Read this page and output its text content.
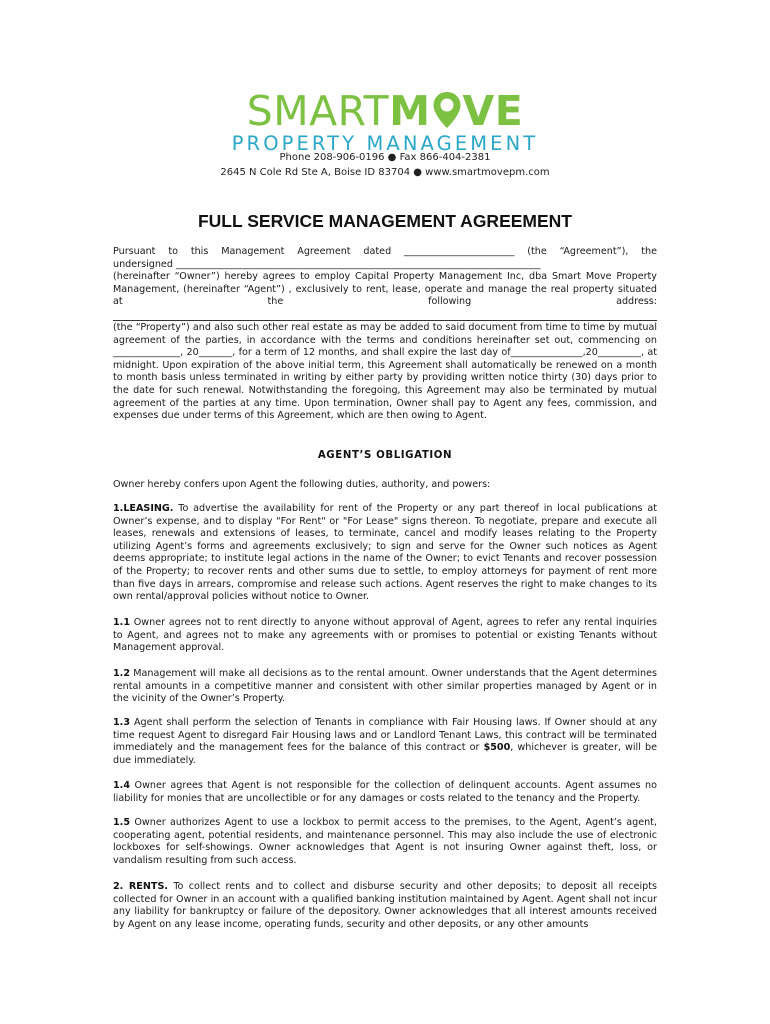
SMARTM VE
PROPERTY MANAGEMENT
Phone 208-906-0196 ● Fax 866-404-2381
2645 N Cole Rd Ste A, Boise ID 83704 ● www.smartmovepm.com
FULL SERVICE MANAGEMENT AGREEMENT

Pursuant to this Management Agreement dated _______________________ (the “Agreement”), the

undersigned ____________________________________________________________________________

(hereinafter “Owner”) hereby agrees to employ Capital Property Management Inc, dba Smart Move Property Management, (hereinafter “Agent”) , exclusively to rent, lease, operate and manage the real property situated at the following address:

(the “Property”) and also such other real estate as may be added to said document from time to time by mutual agreement of the parties, in accordance with the terms and conditions hereinafter set out, commencing on ______________, 20_______, for a term of 12 months, and shall expire the last day of_______________,20_________, at midnight. Upon expiration of the above initial term, this Agreement shall automatically be renewed on a month to month basis unless terminated in writing by either party by providing written notice thirty (30) days prior to the date for such renewal. Notwithstanding the foregoing, this Agreement may also be terminated by mutual agreement of the parties at any time. Upon termination, Owner shall pay to Agent any fees, commission, and expenses due under terms of this Agreement, which are then owing to Agent.

AGENT’S OBLIGATION

Owner hereby confers upon Agent the following duties, authority, and powers:

1.LEASING. To advertise the availability for rent of the Property or any part thereof in local publications at Owner’s expense, and to display "For Rent" or "For Lease" signs thereon. To negotiate, prepare and execute all leases, renewals and extensions of leases, to terminate, cancel and modify leases relating to the Property utilizing Agent’s forms and agreements exclusively; to sign and serve for the Owner such notices as Agent deems appropriate; to institute legal actions in the name of the Owner; to evict Tenants and recover possession of the Property; to recover rents and other sums due to settle, to employ attorneys for payment of rent more than five days in arrears, compromise and release such actions. Agent reserves the right to make changes to its own rental/approval policies without notice to Owner.

1.1 Owner agrees not to rent directly to anyone without approval of Agent, agrees to refer any rental inquiries to Agent, and agrees not to make any agreements with or promises to potential or existing Tenants without Management approval.

1.2 Management will make all decisions as to the rental amount. Owner understands that the Agent determines rental amounts in a competitive manner and consistent with other similar properties managed by Agent or in the vicinity of the Owner’s Property.

1.3 Agent shall perform the selection of Tenants in compliance with Fair Housing laws. If Owner should at any time request Agent to disregard Fair Housing laws and or Landlord Tenant Laws, this contract will be terminated immediately and the management fees for the balance of this contract or $500, whichever is greater, will be due immediately.

1.4 Owner agrees that Agent is not responsible for the collection of delinquent accounts. Agent assumes no liability for monies that are uncollectible or for any damages or costs related to the tenancy and the Property.

1.5 Owner authorizes Agent to use a lockbox to permit access to the premises, to the Agent, Agent’s agent, cooperating agent, potential residents, and maintenance personnel. This may also include the use of electronic lockboxes for self-showings. Owner acknowledges that Agent is not insuring Owner against theft, loss, or vandalism resulting from such access.

2. RENTS. To collect rents and to collect and disburse security and other deposits; to deposit all receipts collected for Owner in an account with a qualified banking institution maintained by Agent. Agent shall not incur any liability for bankruptcy or failure of the depository. Owner acknowledges that all interest amounts received by Agent on any lease income, operating funds, security and other deposits, or any other amounts
